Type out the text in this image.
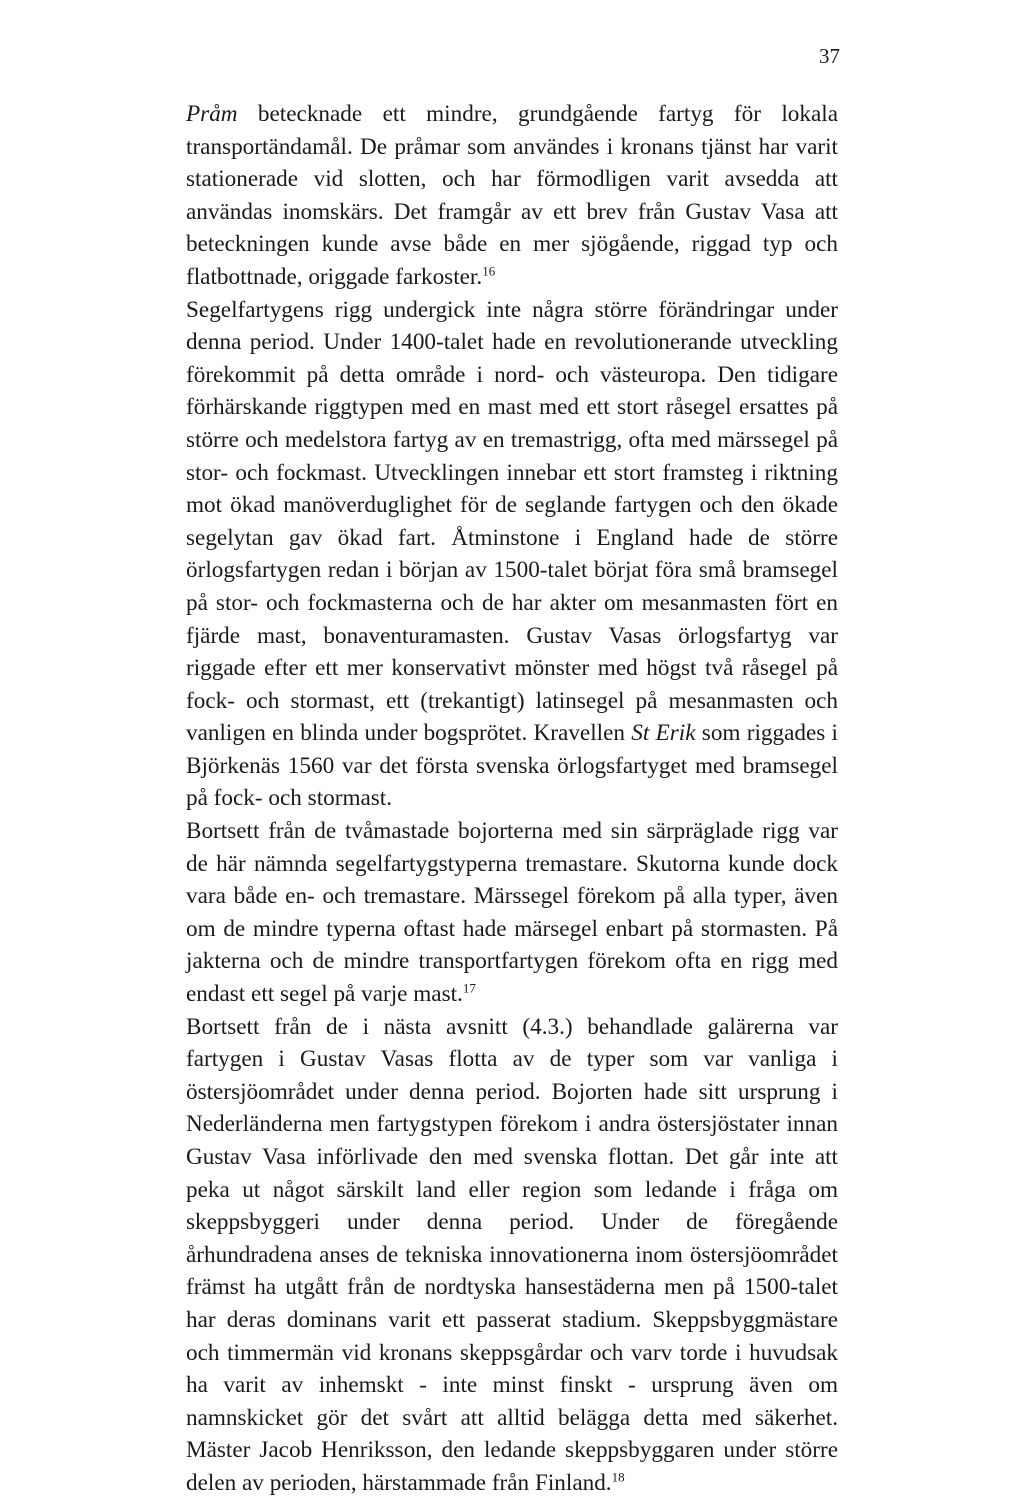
37

Pråm betecknade ett mindre, grundgående fartyg för lokala transportändamål. De pråmar som användes i kronans tjänst har varit stationerade vid slotten, och har förmodligen varit avsedda att användas inomskärs. Det framgår av ett brev från Gustav Vasa att beteckningen kunde avse både en mer sjögående, riggad typ och flatbottnade, origgade farkoster.$^{16}$

Segelfartygens rigg undergick inte några större förändringar under denna period. Under 1400-talet hade en revolutionerande utveckling förekommit på detta område i nord- och västeuropa. Den tidigare förhärskande riggtypen med en mast med ett stort råsegel ersattes på större och medelstora fartyg av en tremastrigg, ofta med märssegel på stor- och fockmast. Utvecklingen innebar ett stort framsteg i riktning mot ökad manöverduglighet för de seglande fartygen och den ökade segelytan gav ökad fart. Åtminstone i England hade de större örlogsfartygen redan i början av 1500-talet börjat föra små bramsegel på stor- och fockmasterna och de har akter om mesanmasten fört en fjärde mast, bonaventuramasten. Gustav Vasas örlogsfartyg var riggade efter ett mer konservativt mönster med högst två råsegel på fock- och stormast, ett (trekantigt) latinsegel på mesanmasten och vanligen en blinda under bogsprötet. Kravellen St Erik som riggades i Björkenäs 1560 var det första svenska örlogsfartyget med bramsegel på fock- och stormast.

Bortsett från de tvåmastade bojorterna med sin särpräglade rigg var de här nämnda segelfartygstyperna tremastare. Skutorna kunde dock vara både en- och tremastare. Märssegel förekom på alla typer, även om de mindre typerna oftast hade märsegel enbart på stormasten. På jakterna och de mindre transportfartygen förekom ofta en rigg med endast ett segel på varje mast.$^{17}$

Bortsett från de i nästa avsnitt (4.3.) behandlade galärerna var fartygen i Gustav Vasas flotta av de typer som var vanliga i östersjöområdet under denna period. Bojorten hade sitt ursprung i Nederländerna men fartygstypen förekom i andra östersjöstater innan Gustav Vasa införlivade den med svenska flottan. Det går inte att peka ut något särskilt land eller region som ledande i fråga om skeppsbyggeri under denna period. Under de föregående århundradena anses de tekniska innovationerna inom östersjöområdet främst ha utgått från de nordtyska hansestäderna men på 1500-talet har deras dominans varit ett passerat stadium. Skeppsbyggmästare och timmermän vid kronans skeppsgårdar och varv torde i huvudsak ha varit av inhemskt - inte minst finskt - ursprung även om namnskicket gör det svårt att alltid belägga detta med säkerhet. Mäster Jacob Henriksson, den ledande skeppsbyggaren under större delen av perioden, härstammade från Finland.$^{18}$
